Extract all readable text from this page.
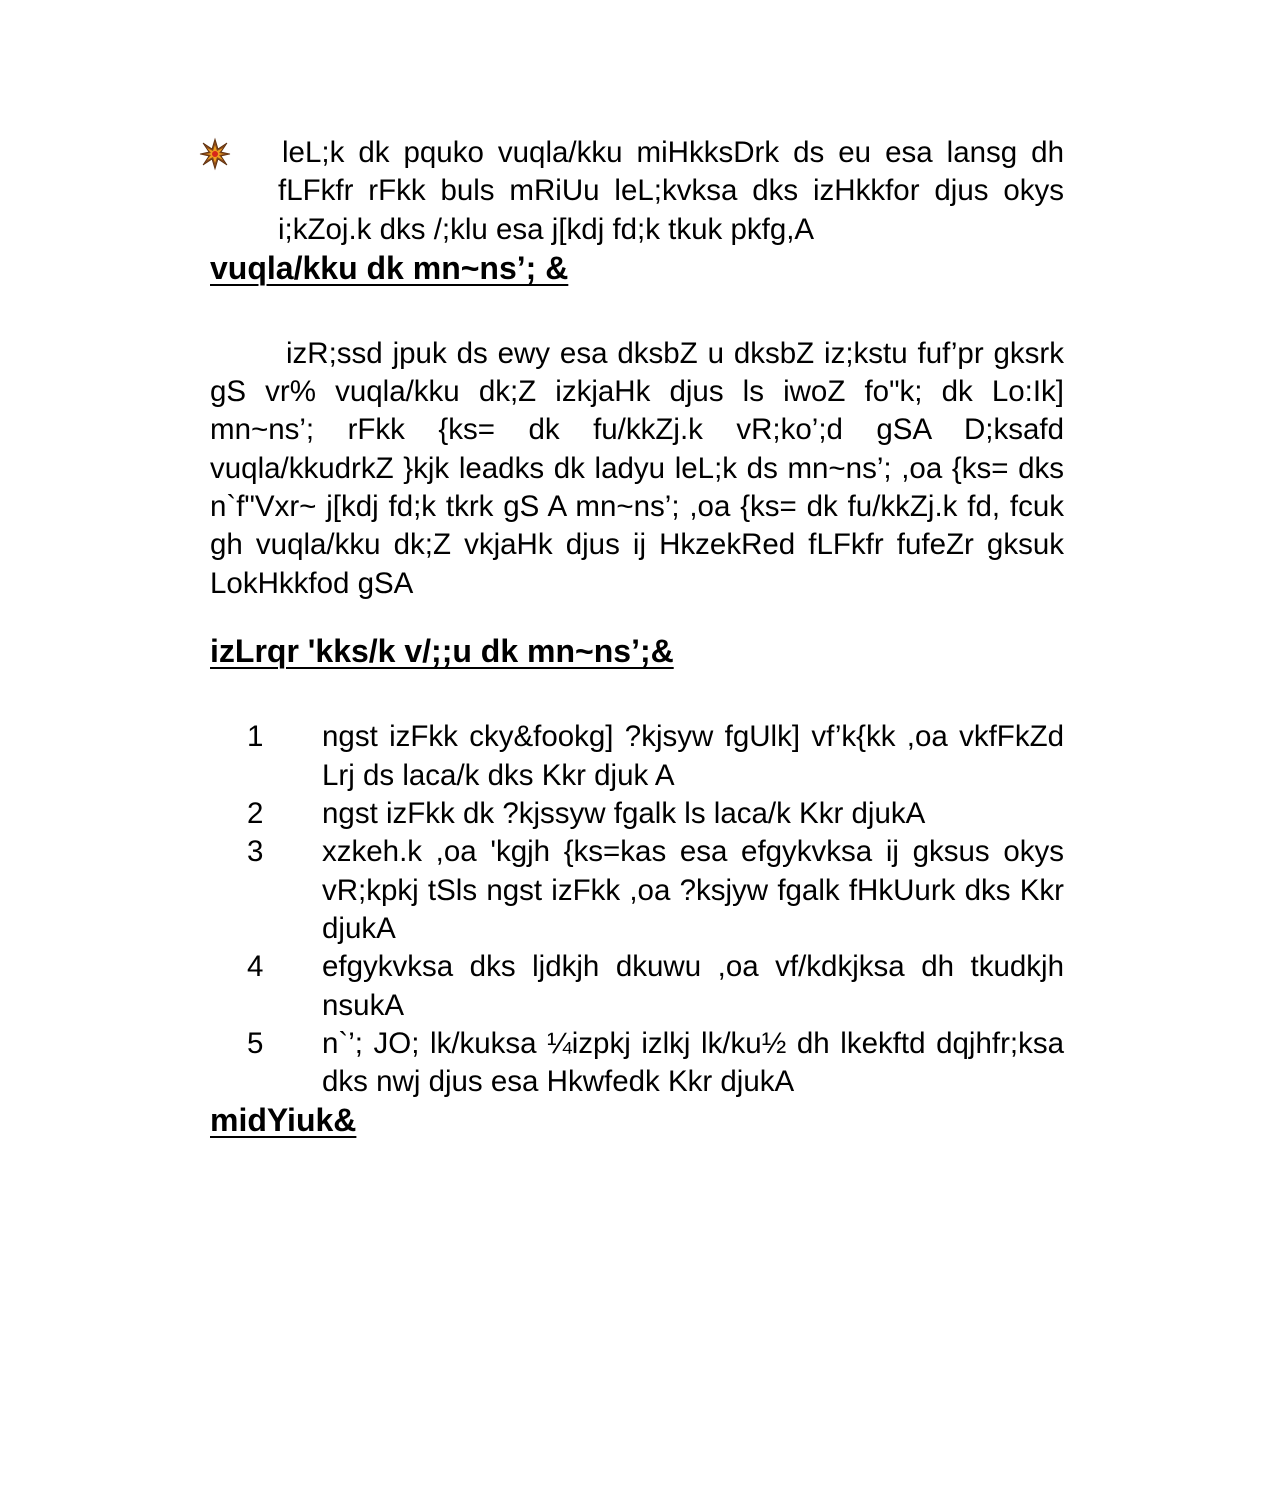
leL;k dk pquko vuqla/kku miHkksDrk ds eu esa lansg dh fLFkfr rFkk buls mRiUu leL;kvksa dks izHkkfor djus okys i;kZoj.k dks /;klu esa j[kdj fd;k tkuk pkfg,A
vuqla/kku dk mn~ns’; &

izR;ssd jpuk ds ewy esa dksbZ u dksbZ iz;kstu fuf’pr gksrk gS vr% vuqla/kku dk;Z izkjaHk djus ls iwoZ fo"k; dk Lo:Ik] mn~ns’; rFkk {ks= dk fu/kkZj.k vR;ko’;d gSA D;ksafd vuqla/kkudrkZ }kjk leadks dk ladyu leL;k ds mn~ns’; ,oa {ks= dks n`f"Vxr~ j[kdj fd;k tkrk gS A mn~ns’; ,oa {ks= dk fu/kkZj.k fd, fcuk gh vuqla/kku dk;Z vkjaHk djus ij HkzekRed fLFkfr fufeZr gksuk LokHkkfod gSA

izLrqr 'kks/k v/;;u dk mn~ns’;&
1 ngst izFkk cky&fookg] ?kjsyw fgUlk] vf’k{kk ,oa vkfFkZd Lrj ds laca/k dks Kkr djuk A
2 ngst izFkk dk ?kjssyw fgalk ls laca/k Kkr djukA
3 xzkeh.k ,oa 'kgjh {ks=kas esa efgykvksa ij gksus okys vR;kpkj tSls ngst izFkk ,oa ?ksjyw fgalk fHkUurk dks Kkr djukA
4 efgykvksa dks ljdkjh dkuwu ,oa vf/kdkjksa dh tkudkjh nsukA
5 n`’; JO; lk/kuksa ¼izpkj izlkj lk/ku½ dh lkekftd dqjhfr;ksa dks nwj djus esa Hkwfedk Kkr djukA
midYiuk&
